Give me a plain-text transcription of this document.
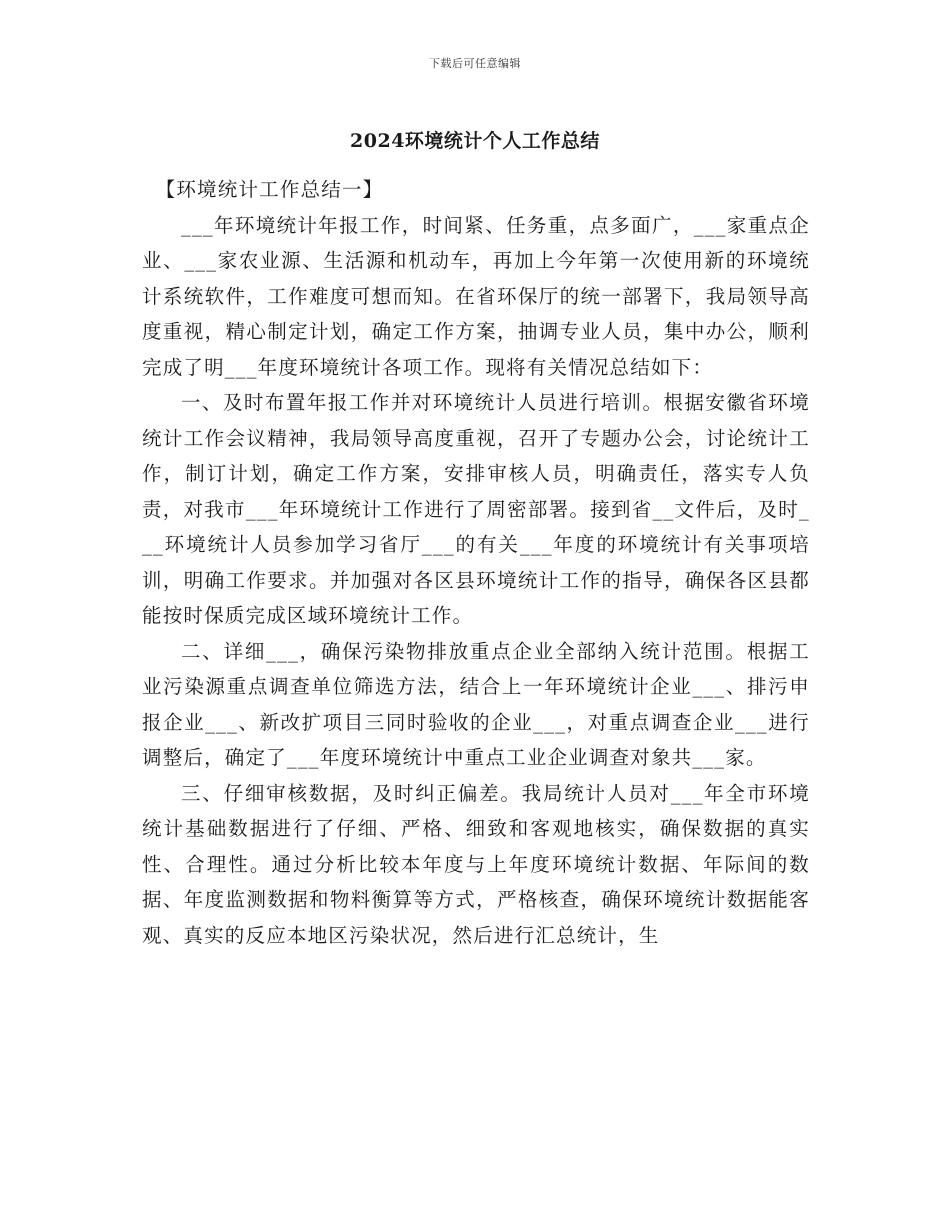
下载后可任意编辑
2024环境统计个人工作总结
【环境统计工作总结一】

___年环境统计年报工作，时间紧、任务重，点多面广，___家重点企业、___家农业源、生活源和机动车，再加上今年第一次使用新的环境统计系统软件，工作难度可想而知。在省环保厅的统一部署下，我局领导高度重视，精心制定计划，确定工作方案，抽调专业人员，集中办公，顺利完成了明___年度环境统计各项工作。现将有关情况总结如下：

一、及时布置年报工作并对环境统计人员进行培训。根据安徽省环境统计工作会议精神，我局领导高度重视，召开了专题办公会，讨论统计工作，制订计划，确定工作方案，安排审核人员，明确责任，落实专人负责，对我市___年环境统计工作进行了周密部署。接到省__文件后，及时___环境统计人员参加学习省厅___的有关___年度的环境统计有关事项培训，明确工作要求。并加强对各区县环境统计工作的指导，确保各区县都能按时保质完成区域环境统计工作。

二、详细___，确保污染物排放重点企业全部纳入统计范围。根据工业污染源重点调查单位筛选方法，结合上一年环境统计企业___、排污申报企业___、新改扩项目三同时验收的企业___，对重点调查企业___进行调整后，确定了___年度环境统计中重点工业企业调查对象共___家。

三、仔细审核数据，及时纠正偏差。我局统计人员对___年全市环境统计基础数据进行了仔细、严格、细致和客观地核实，确保数据的真实性、合理性。通过分析比较本年度与上年度环境统计数据、年际间的数据、年度监测数据和物料衡算等方式，严格核查，确保环境统计数据能客观、真实的反应本地区污染状况，然后进行汇总统计，生
